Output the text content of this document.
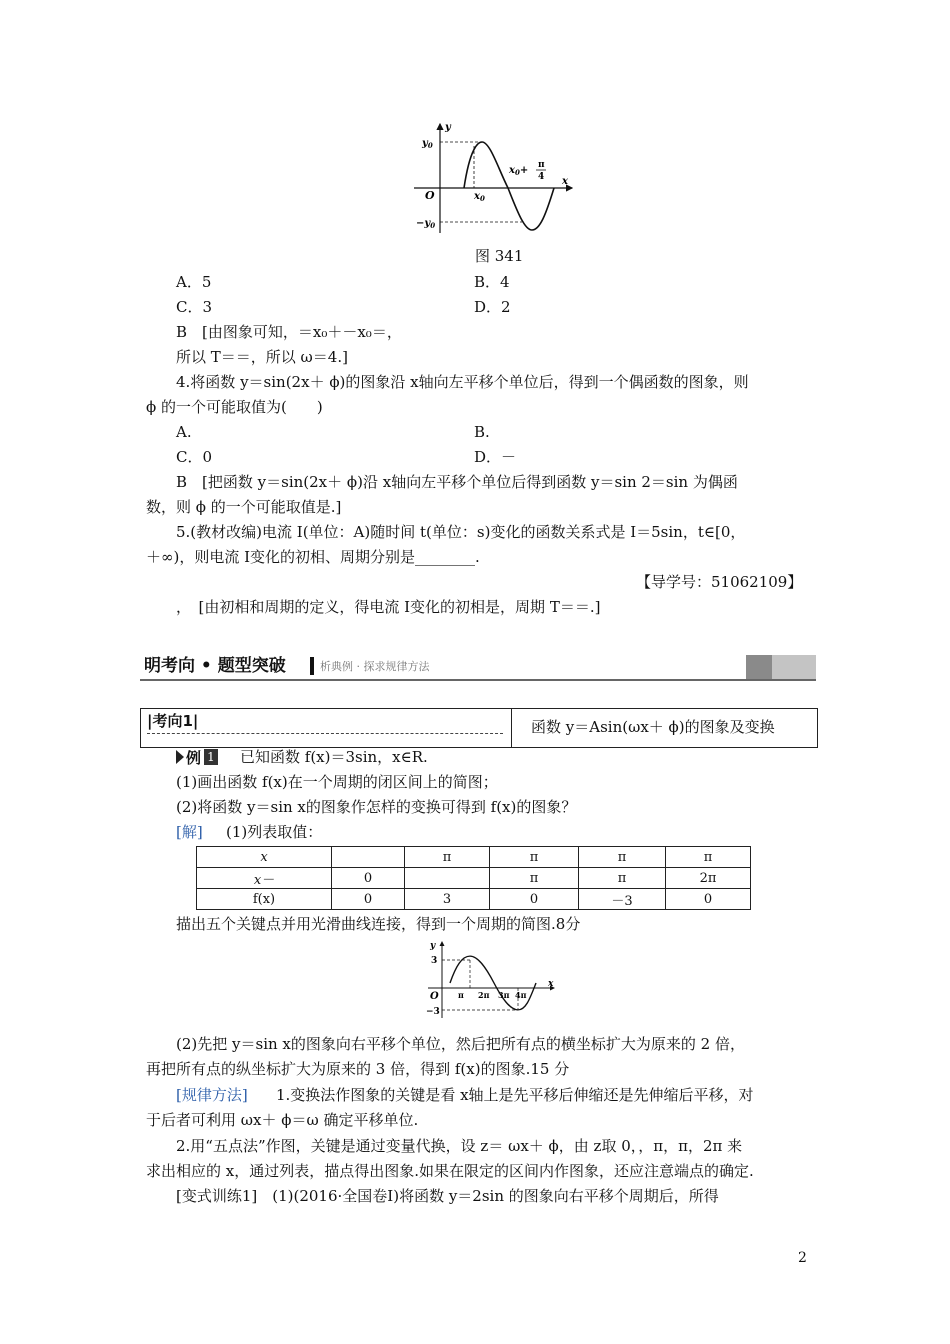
y
x
O
$y_0$
$-y_0$
$x_0$
$x_0+ \pi$
4
图 341
A．5	B．4
C．3	D．2
B　[由图象可知，＝x₀＋－x₀＝，
所以 T＝＝，所以 ω＝4.]
4.将函数 y＝sin(2x＋ ϕ)的图象沿 x轴向左平移个单位后，得到一个偶函数的图象，则
ϕ 的一个可能取值为(　　)
A.	B.
C．0	D．－
B　[把函数 y＝sin(2x＋ ϕ)沿 x轴向左平移个单位后得到函数 y＝sin 2＝sin 为偶函
数，则 ϕ 的一个可能取值是.]
5.(教材改编)电流 I(单位：A)随时间 t(单位：s)变化的函数关系式是 I＝5sin，t∈[0，
＋∞)，则电流 I变化的初相、周期分别是________.
【导学号：51062109】
，　[由初相和周期的定义，得电流 I变化的初相是，周期 T＝＝.]
明考向 • 题型突破	析典例 · 探求规律方法
|考向1|	函数 y＝Asin(ωx＋ ϕ)的图象及变换
例 1 已知函数 f(x)＝3sin，x∈R.
(1)画出函数 f(x)在一个周期的闭区间上的简图；
(2)将函数 y＝sin x的图象作怎样的变换可得到 f(x)的图象？
[解] (1)列表取值：
x		π	π	π	π
x－	0		π	π	2π
f(x)	0	3	0	－3	0
描出五个关键点并用光滑曲线连接，得到一个周期的简图.8分
y
x
O
3
−3
π 2π 3π 4π
(2)先把 y＝sin x的图象向右平移个单位，然后把所有点的横坐标扩大为原来的 2 倍，
再把所有点的纵坐标扩大为原来的 3 倍，得到 f(x)的图象.15 分
[规律方法] 1.变换法作图象的关键是看 x轴上是先平移后伸缩还是先伸缩后平移，对
于后者可利用 ωx＋ ϕ＝ω 确定平移单位.
2.用“五点法”作图，关键是通过变量代换，设 z＝ ωx＋ ϕ，由 z取 0，，π，π，2π 来
求出相应的 x，通过列表，描点得出图象.如果在限定的区间内作图象，还应注意端点的确定.
[变式训练1]　(1)(2016·全国卷Ⅰ)将函数 y＝2sin 的图象向右平移个周期后，所得
2
